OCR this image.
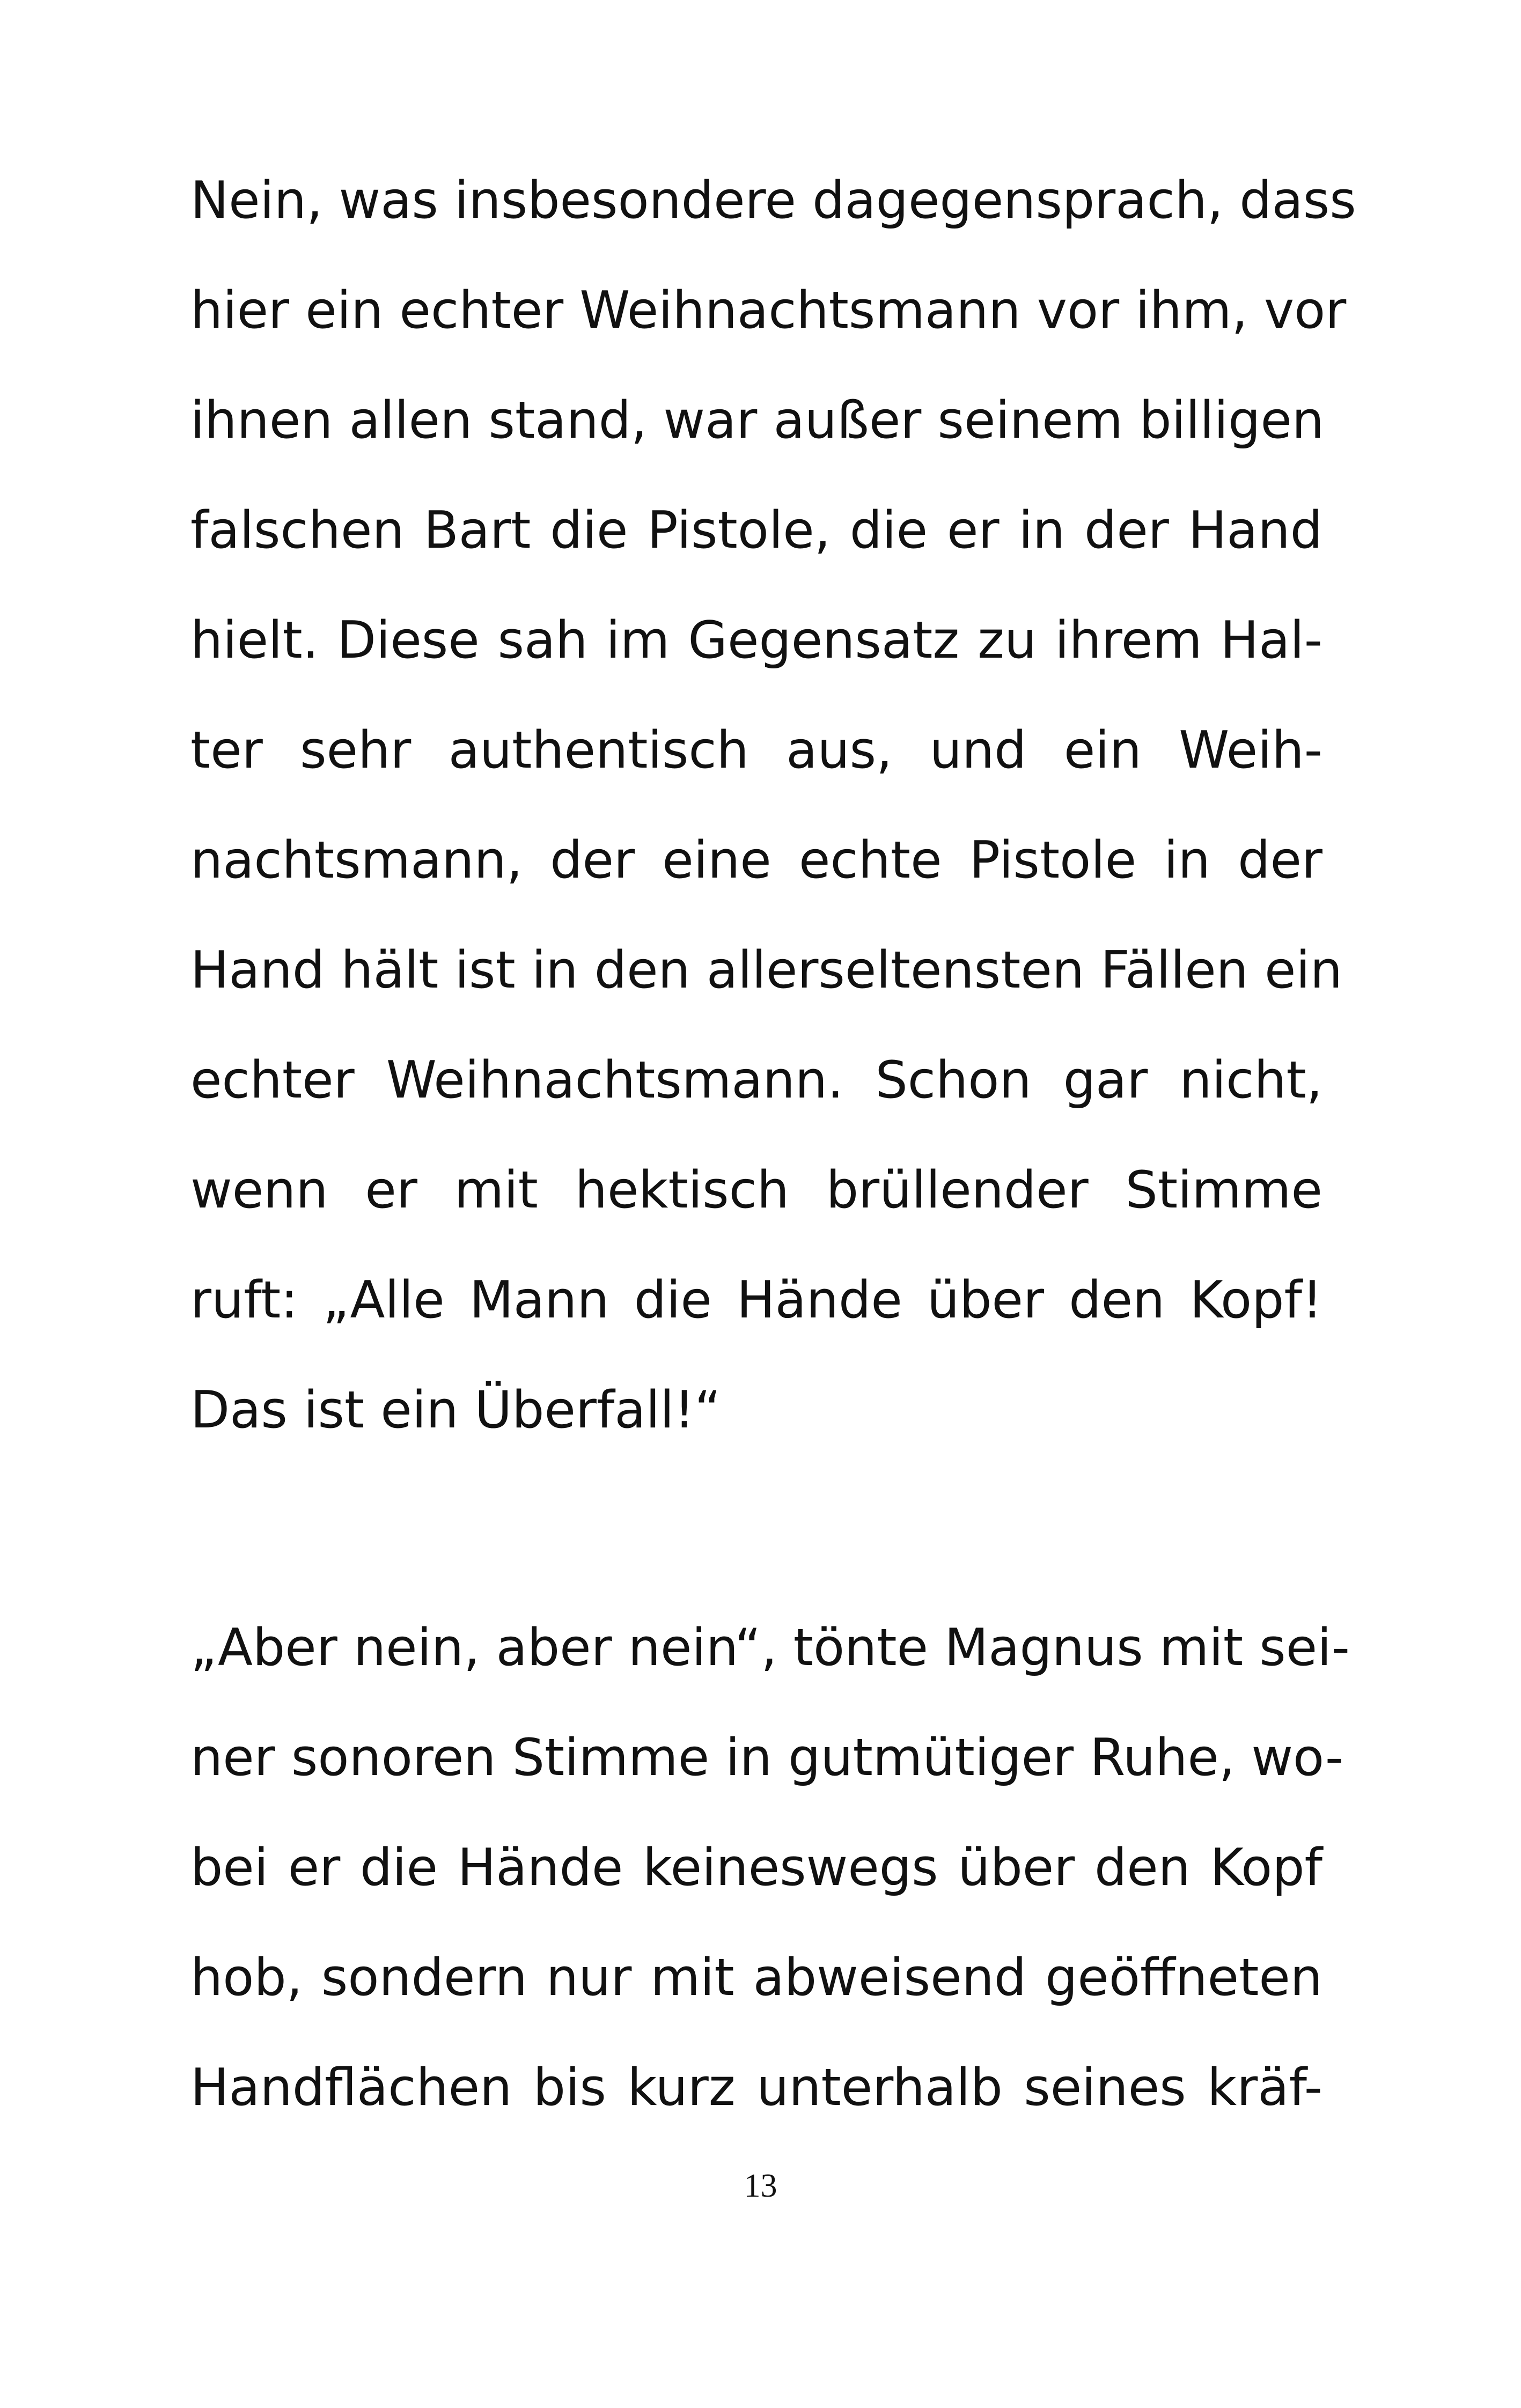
Nein, was insbesondere dagegensprach, dass
hier ein echter Weihnachtsmann vor ihm, vor
ihnen allen stand, war außer seinem billigen
falschen Bart die Pistole, die er in der Hand
hielt. Diese sah im Gegensatz zu ihrem Hal-
ter sehr authentisch aus, und ein Weih-
nachtsmann, der eine echte Pistole in der
Hand hält ist in den allerseltensten Fällen ein
echter Weihnachtsmann. Schon gar nicht,
wenn er mit hektisch brüllender Stimme
ruft: „Alle Mann die Hände über den Kopf!
Das ist ein Überfall!“
„Aber nein, aber nein“, tönte Magnus mit sei-
ner sonoren Stimme in gutmütiger Ruhe, wo-
bei er die Hände keineswegs über den Kopf
hob, sondern nur mit abweisend geöffneten
Handflächen bis kurz unterhalb seines kräf-
13
